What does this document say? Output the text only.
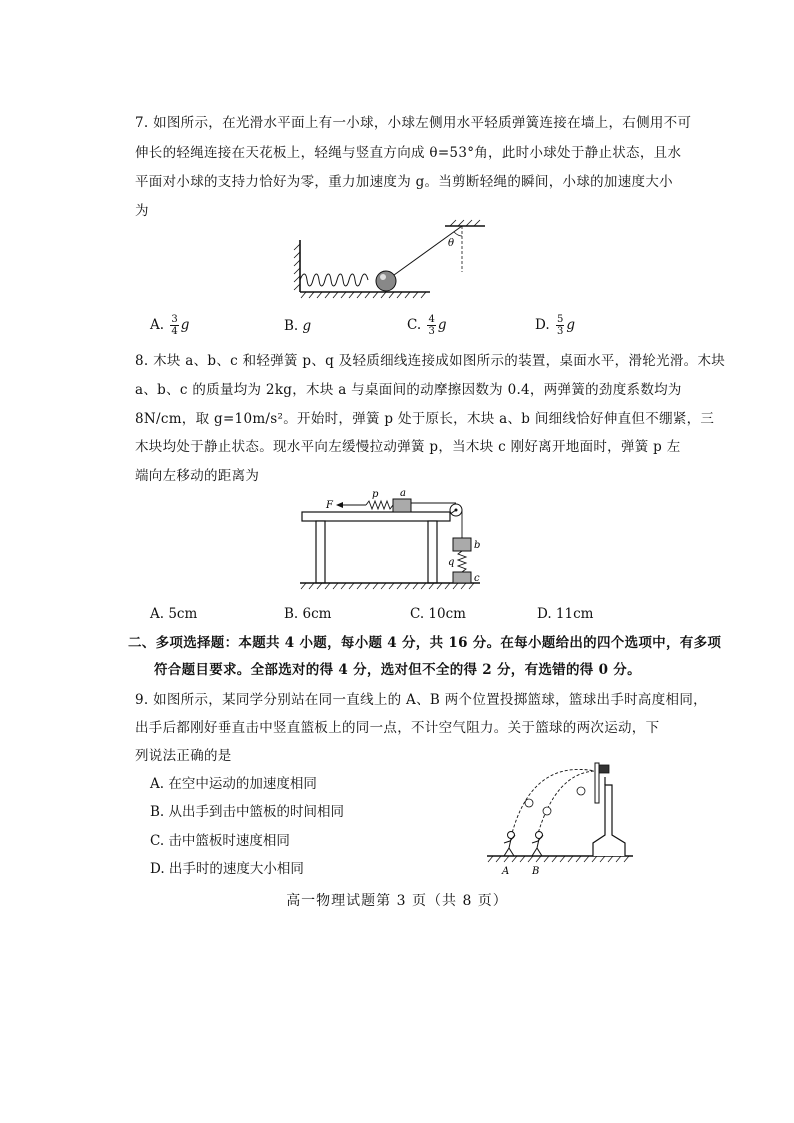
7. 如图所示，在光滑水平面上有一小球，小球左侧用水平轻质弹簧连接在墙上，右侧用不可
伸长的轻绳连接在天花板上，轻绳与竖直方向成 θ=53°角，此时小球处于静止状态，且水
平面对小球的支持力恰好为零，重力加速度为 g。当剪断轻绳的瞬间，小球的加速度大小
为
θ
A. $\frac{3}{4}$ g	B. g	C. $\frac{4}{3}$ g	D. $\frac{5}{3}$ g
8. 木块 a、b、c 和轻弹簧 p、q 及轻质细线连接成如图所示的装置，桌面水平，滑轮光滑。木块
a、b、c 的质量均为 2kg，木块 a 与桌面间的动摩擦因数为 0.4，两弹簧的劲度系数均为
8N/cm，取 g=10m/s²。开始时，弹簧 p 处于原长，木块 a、b 间细线恰好伸直但不绷紧，三
木块均处于静止状态。现水平向左缓慢拉动弹簧 p，当木块 c 刚好离开地面时，弹簧 p 左
端向左移动的距离为
F
p a
b
q
c
A. 5cm	B. 6cm	C. 10cm	D. 11cm
二、多项选择题：本题共 4 小题，每小题 4 分，共 16 分。在每小题给出的四个选项中，有多项
符合题目要求。全部选对的得 4 分，选对但不全的得 2 分，有选错的得 0 分。
9. 如图所示，某同学分别站在同一直线上的 A、B 两个位置投掷篮球，篮球出手时高度相同，
出手后都刚好垂直击中竖直篮板上的同一点，不计空气阻力。关于篮球的两次运动，下
列说法正确的是
A. 在空中运动的加速度相同
B. 从出手到击中篮板的时间相同
C. 击中篮板时速度相同
D. 出手时的速度大小相同	A B
高一物理试题第 3 页（共 8 页）
